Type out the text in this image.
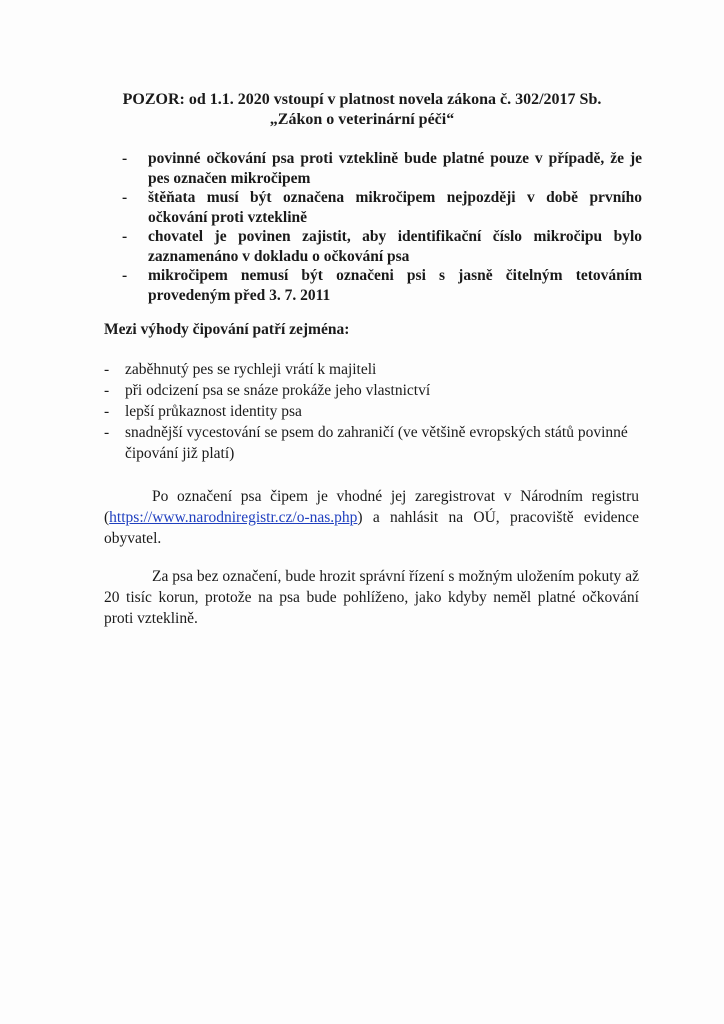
POZOR: od 1.1. 2020 vstoupí v platnost novela zákona č. 302/2017 Sb.
„Zákon o veterinární péči“
- povinné očkování psa proti vzteklině bude platné pouze v případě, že je pes označen mikročipem
- štěňata musí být označena mikročipem nejpozději v době prvního očkování proti vzteklině
- chovatel je povinen zajistit, aby identifikační číslo mikročipu bylo zaznamenáno v dokladu o očkování psa
- mikročipem nemusí být označeni psi s jasně čitelným tetováním provedeným před 3. 7. 2011
Mezi výhody čipování patří zejména:
- zaběhnutý pes se rychleji vrátí k majiteli
- při odcizení psa se snáze prokáže jeho vlastnictví
- lepší průkaznost identity psa
- snadnější vycestování se psem do zahraničí (ve většině evropských států povinné čipování již platí)

Po označení psa čipem je vhodné jej zaregistrovat v Národním registru (https://www.narodniregistr.cz/o-nas.php) a nahlásit na OÚ, pracoviště evidence obyvatel.

Za psa bez označení, bude hrozit správní řízení s možným uložením pokuty až 20 tisíc korun, protože na psa bude pohlíženo, jako kdyby neměl platné očkování proti vzteklině.
